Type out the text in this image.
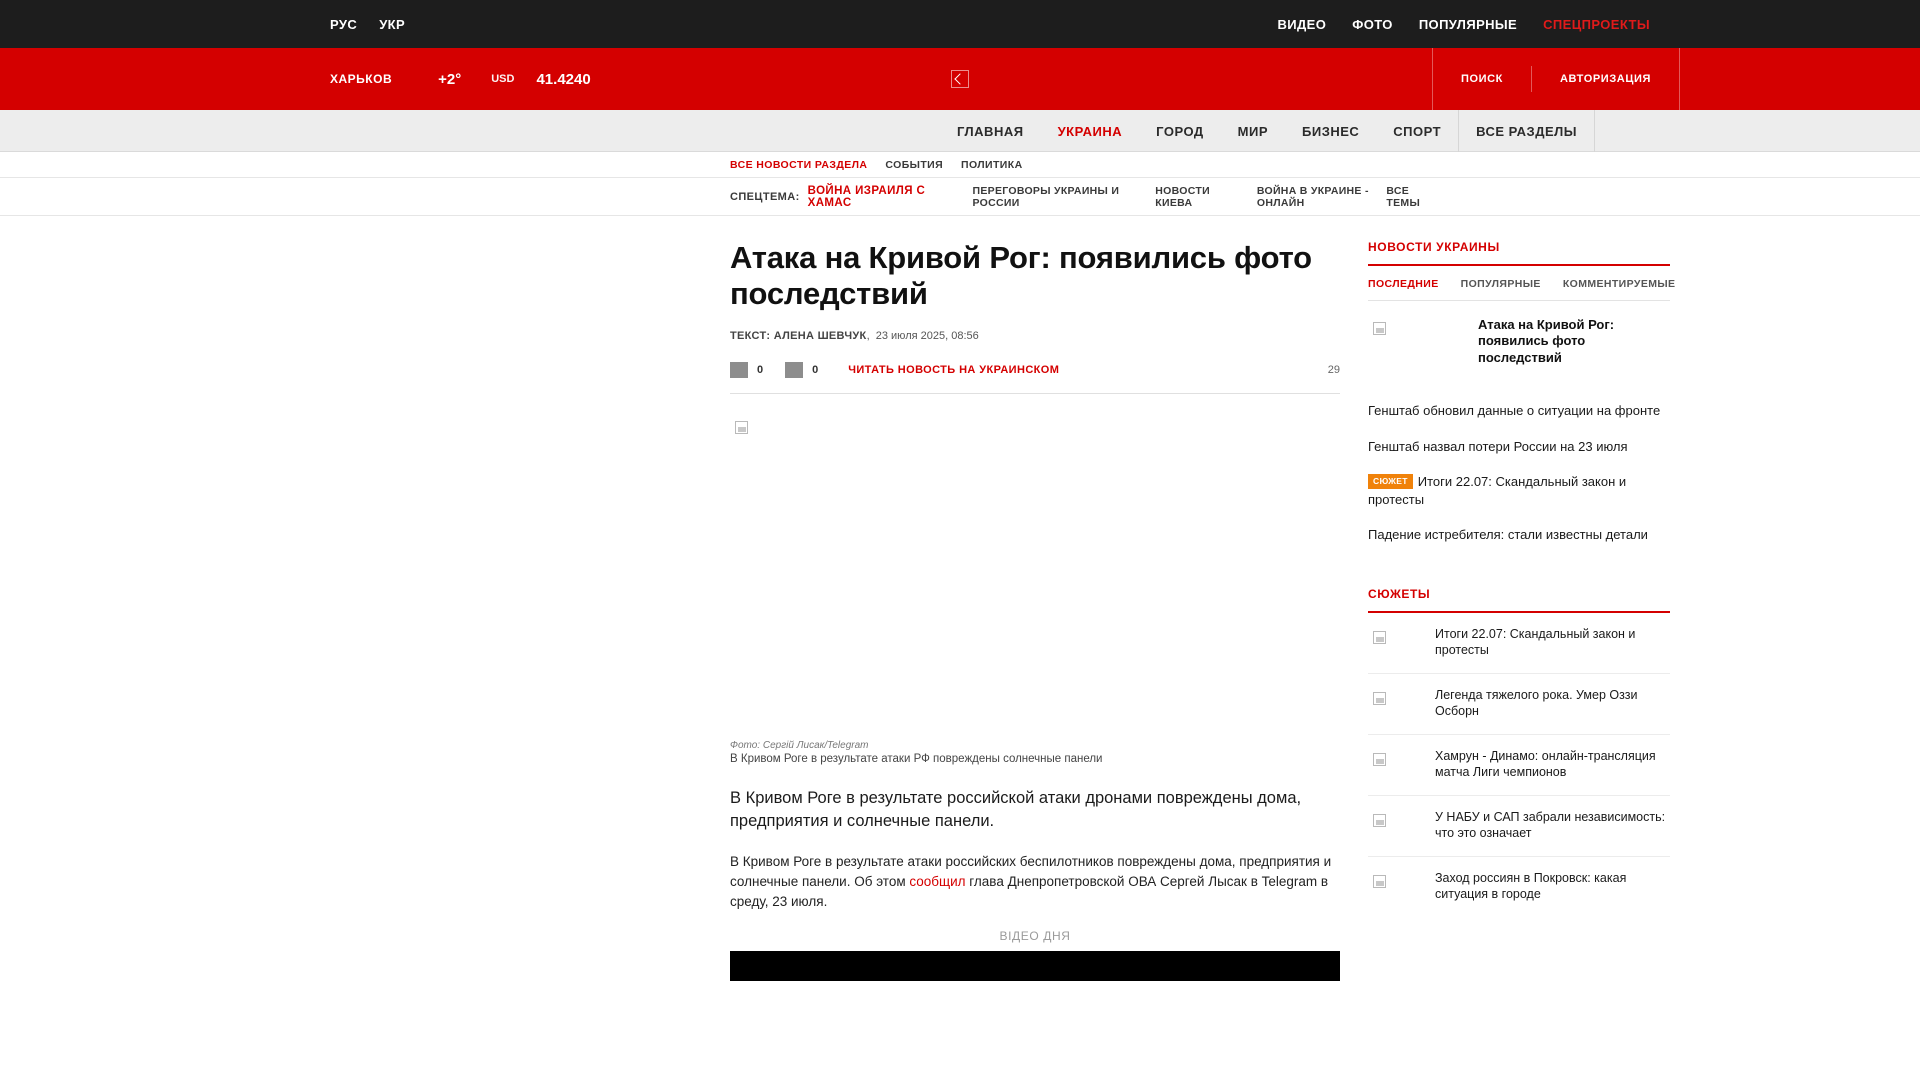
РУС УКР	ВИДЕО ФОТО ПОПУЛЯРНЫЕ СПЕЦПРОЕКТЫ
ХАРЬКОВ	+2°	USD 41.4240	ПОИСК	АВТОРИЗАЦИЯ
ГЛАВНАЯ	УКРАИНА	ГОРОД	МИР	БИЗНЕС	СПОРТ	ВСЕ РАЗДЕЛЫ
ВСЕ НОВОСТИ РАЗДЕЛА СОБЫТИЯ ПОЛИТИКА
СПЕЦТЕМА: ВОЙНА ИЗРАИЛЯ С ХАМАС
ПЕРЕГОВОРЫ УКРАИНЫ И РОССИИ
НОВОСТИ КИЕВА
ВОЙНА В УКРАИНЕ - ОНЛАЙН
ВСЕ ТЕМЫ
Атака на Кривой Рог: появились фото последствий
ТЕКСТ: АЛЕНА ШЕВЧУК,  23 июля 2025, 08:56
0	0	ЧИТАТЬ НОВОСТЬ НА УКРАИНСКОМ	29
Фото: Сергій Лисак/Telegram
В Кривом Роге в результате атаки РФ повреждены солнечные панели

В Кривом Роге в результате российской атаки дронами повреждены дома, предприятия и солнечные панели.

В Кривом Роге в результате атаки российских беспилотников повреждены дома, предприятия и солнечные панели. Об этом сообщил глава Днепропетровской ОВА Сергей Лысак в Telegram в среду, 23 июля.

ВІДЕО ДНЯ
НОВОСТИ УКРАИНЫ
ПОСЛЕДНИЕ ПОПУЛЯРНЫЕ КОММЕНТИРУЕМЫЕ
Атака на Кривой Рог: появились фото последствий
Генштаб обновил данные о ситуации на фронте
Генштаб назвал потери России на 23 июля
СЮЖЕТ Итоги 22.07: Скандальный закон и протесты
Падение истребителя: стали известны детали
СЮЖЕТЫ
Итоги 22.07: Скандальный закон и протесты
Легенда тяжелого рока. Умер Оззи Осборн
Хамрун - Динамо: онлайн-трансляция матча Лиги чемпионов
У НАБУ и САП забрали независимость: что это означает
Заход россиян в Покровск: какая ситуация в городе
